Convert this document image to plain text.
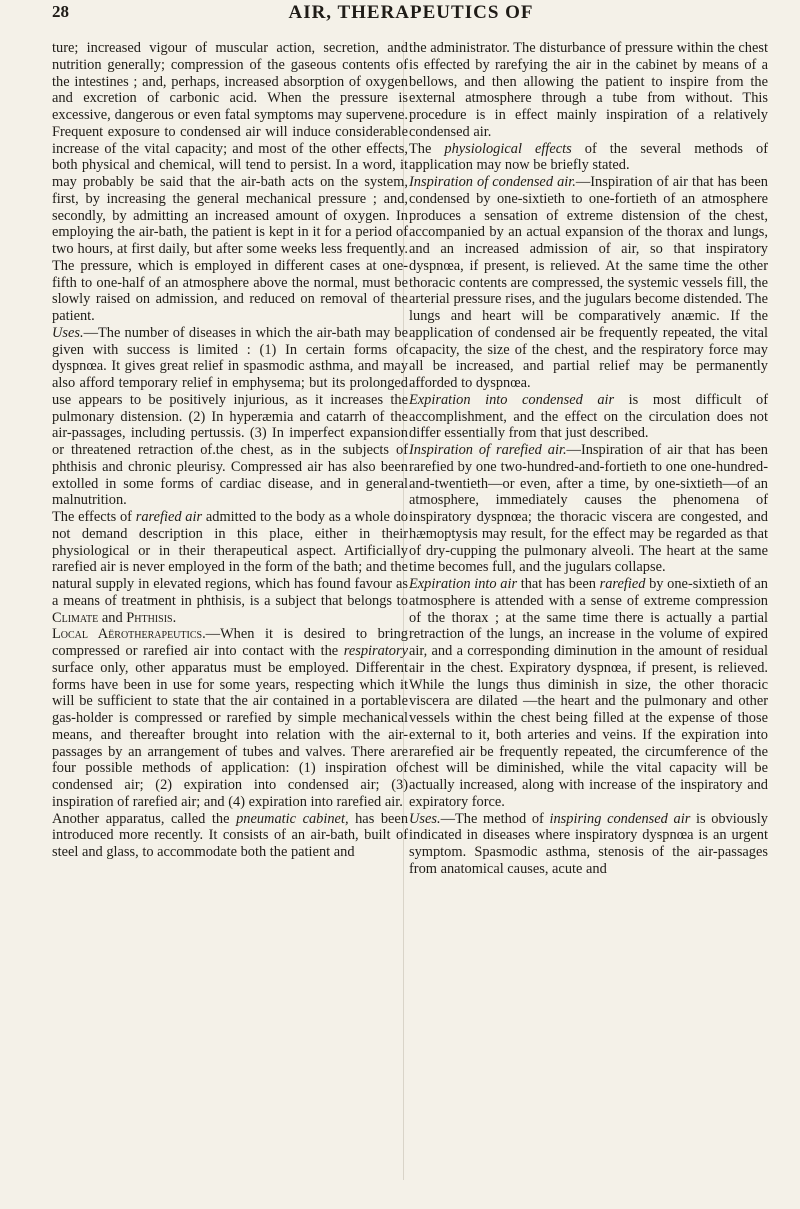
28	AIR, THERAPEUTICS OF

ture; increased vigour of muscular action, secretion, and nutrition generally; compression of the gaseous contents of the intestines ; and, perhaps, increased absorption of oxygen and excretion of carbonic acid. When the pressure is excessive, dangerous or even fatal symptoms may supervene. Frequent exposure to condensed air will induce considerable increase of the vital capacity; and most of the other effects, both physical and chemical, will tend to persist. In a word, it may probably be said that the air-bath acts on the system, first, by increasing the general mechanical pressure ; and, secondly, by admitting an increased amount of oxygen. In employing the air-bath, the patient is kept in it for a period of two hours, at first daily, but after some weeks less frequently. The pressure, which is employed in different cases at one-fifth to one-half of an atmosphere above the normal, must be slowly raised on admission, and reduced on removal of the patient.

Uses.—The number of diseases in which the air-bath may be given with success is limited : (1) In certain forms of dyspnœa. It gives great relief in spasmodic asthma, and may also afford temporary relief in emphysema; but its prolonged use appears to be positively injurious, as it increases the pulmonary distension. (2) In hyperæmia and catarrh of the air-passages, including pertussis. (3) In imperfect expansion or threatened retraction of.the chest, as in the subjects of phthisis and chronic pleurisy. Compressed air has also been extolled in some forms of cardiac disease, and in general malnutrition.

The effects of rarefied air admitted to the body as a whole do not demand description in this place, either in their physiological or in their therapeutical aspect. Artificially rarefied air is never employed in the form of the bath; and the natural supply in elevated regions, which has found favour as a means of treatment in phthisis, is a subject that belongs to Climate and Phthisis.

Local Aërotherapeutics.—When it is desired to bring compressed or rarefied air into contact with the respiratory surface only, other apparatus must be employed. Different forms have been in use for some years, respecting which it will be sufficient to state that the air contained in a portable gas-holder is compressed or rarefied by simple mechanical means, and thereafter brought into relation with the air-passages by an arrangement of tubes and valves. There are four possible methods of application: (1) inspiration of condensed air; (2) expiration into condensed air; (3) inspiration of rarefied air; and (4) expiration into rarefied air.

Another apparatus, called the pneumatic cabinet, has been introduced more recently. It consists of an air-bath, built of steel and glass, to accommodate both the patient and

the administrator. The disturbance of pressure within the chest is effected by rarefying the air in the cabinet by means of a bellows, and then allowing the patient to inspire from the external atmosphere through a tube from without. This procedure is in effect mainly inspiration of a relatively condensed air.

The physiological effects of the several methods of application may now be briefly stated.

Inspiration of condensed air.—Inspiration of air that has been condensed by one-sixtieth to one-fortieth of an atmosphere produces a sensation of extreme distension of the chest, accompanied by an actual expansion of the thorax and lungs, and an increased admission of air, so that inspiratory dyspnœa, if present, is relieved. At the same time the other thoracic contents are compressed, the systemic vessels fill, the arterial pressure rises, and the jugulars become distended. The lungs and heart will be comparatively anæmic. If the application of condensed air be frequently repeated, the vital capacity, the size of the chest, and the respiratory force may all be increased, and partial relief may be permanently afforded to dyspnœa.

Expiration into condensed air is most difficult of accomplishment, and the effect on the circulation does not differ essentially from that just described.

Inspiration of rarefied air.—Inspiration of air that has been rarefied by one two-hundred-and-fortieth to one one-hundred-and-twentieth—or even, after a time, by one-sixtieth—of an atmosphere, immediately causes the phenomena of inspiratory dyspnœa; the thoracic viscera are congested, and hæmoptysis may result, for the effect may be regarded as that of dry-cupping the pulmonary alveoli. The heart at the same time becomes full, and the jugulars collapse.

Expiration into air that has been rarefied by one-sixtieth of an atmosphere is attended with a sense of extreme compression of the thorax ; at the same time there is actually a partial retraction of the lungs, an increase in the volume of expired air, and a corresponding diminution in the amount of residual air in the chest. Expiratory dyspnœa, if present, is relieved. While the lungs thus diminish in size, the other thoracic viscera are dilated —the heart and the pulmonary and other vessels within the chest being filled at the expense of those external to it, both arteries and veins. If the expiration into rarefied air be frequently repeated, the circumference of the chest will be diminished, while the vital capacity will be actually increased, along with increase of the inspiratory and expiratory force.

Uses.—The method of inspiring condensed air is obviously indicated in diseases where inspiratory dyspnœa is an urgent symptom. Spasmodic asthma, stenosis of the air-passages from anatomical causes, acute and
